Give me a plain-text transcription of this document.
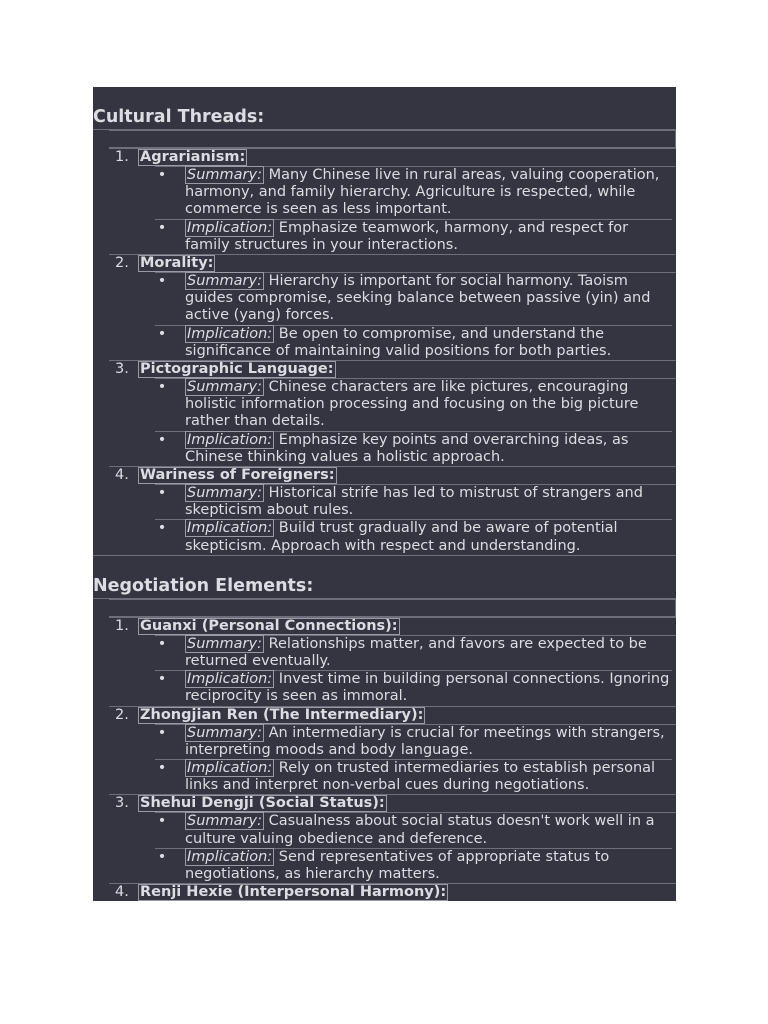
Cultural Threads:
1. Agrarianism:
• Summary: Many Chinese live in rural areas, valuing cooperation, harmony, and family hierarchy. Agriculture is respected, while commerce is seen as less important.
• Implication: Emphasize teamwork, harmony, and respect for family structures in your interactions.
2. Morality:
• Summary: Hierarchy is important for social harmony. Taoism guides compromise, seeking balance between passive (yin) and active (yang) forces.
• Implication: Be open to compromise, and understand the significance of maintaining valid positions for both parties.
3. Pictographic Language:
• Summary: Chinese characters are like pictures, encouraging holistic information processing and focusing on the big picture rather than details.
• Implication: Emphasize key points and overarching ideas, as Chinese thinking values a holistic approach.
4. Wariness of Foreigners:
• Summary: Historical strife has led to mistrust of strangers and skepticism about rules.
• Implication: Build trust gradually and be aware of potential skepticism. Approach with respect and understanding.
Negotiation Elements:
1. Guanxi (Personal Connections):
• Summary: Relationships matter, and favors are expected to be returned eventually.
• Implication: Invest time in building personal connections. Ignoring reciprocity is seen as immoral.
2. Zhongjian Ren (The Intermediary):
• Summary: An intermediary is crucial for meetings with strangers, interpreting moods and body language.
• Implication: Rely on trusted intermediaries to establish personal links and interpret non-verbal cues during negotiations.
3. Shehui Dengji (Social Status):
• Summary: Casualness about social status doesn't work well in a culture valuing obedience and deference.
• Implication: Send representatives of appropriate status to negotiations, as hierarchy matters.
4. Renji Hexie (Interpersonal Harmony):
